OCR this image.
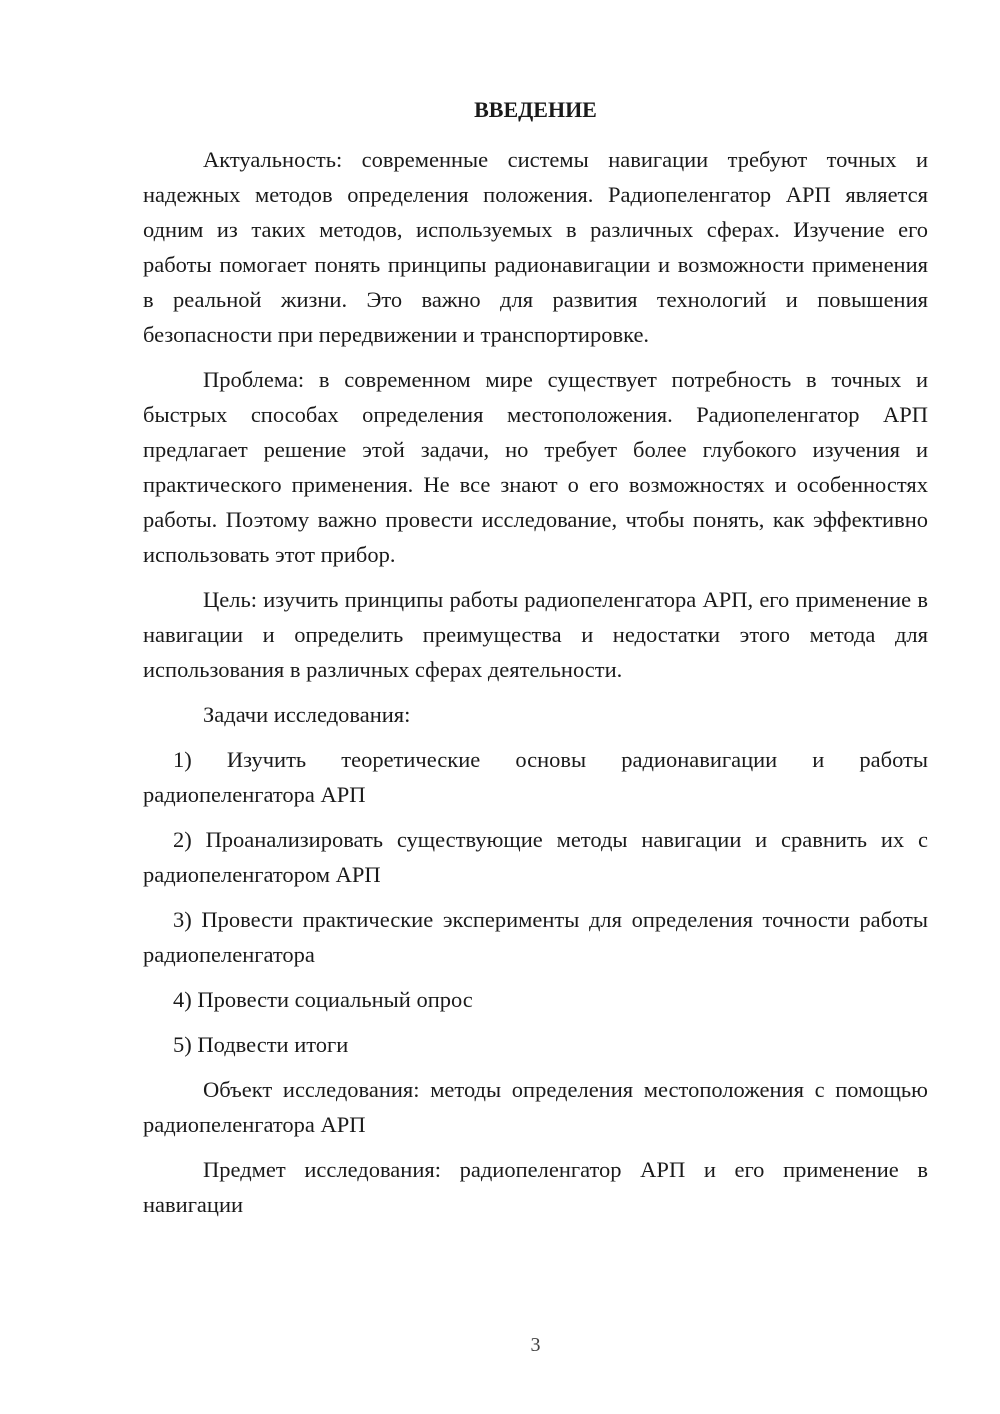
ВВЕДЕНИЕ

Актуальность: современные системы навигации требуют точных и надежных методов определения положения. Радиопеленгатор АРП является одним из таких методов, используемых в различных сферах. Изучение его работы помогает понять принципы радионавигации и возможности применения в реальной жизни. Это важно для развития технологий и повышения безопасности при передвижении и транспортировке.

Проблема: в современном мире существует потребность в точных и быстрых способах определения местоположения. Радиопеленгатор АРП предлагает решение этой задачи, но требует более глубокого изучения и практического применения. Не все знают о его возможностях и особенностях работы. Поэтому важно провести исследование, чтобы понять, как эффективно использовать этот прибор.

Цель: изучить принципы работы радиопеленгатора АРП, его применение в навигации и определить преимущества и недостатки этого метода для использования в различных сферах деятельности.

Задачи исследования:

1) Изучить теоретические основы радионавигации и работы радиопеленгатора АРП

2) Проанализировать существующие методы навигации и сравнить их с радиопеленгатором АРП

3) Провести практические эксперименты для определения точности работы радиопеленгатора

4) Провести социальный опрос

5) Подвести итоги

Объект исследования: методы определения местоположения с помощью радиопеленгатора АРП

Предмет исследования: радиопеленгатор АРП и его применение в навигации

3
